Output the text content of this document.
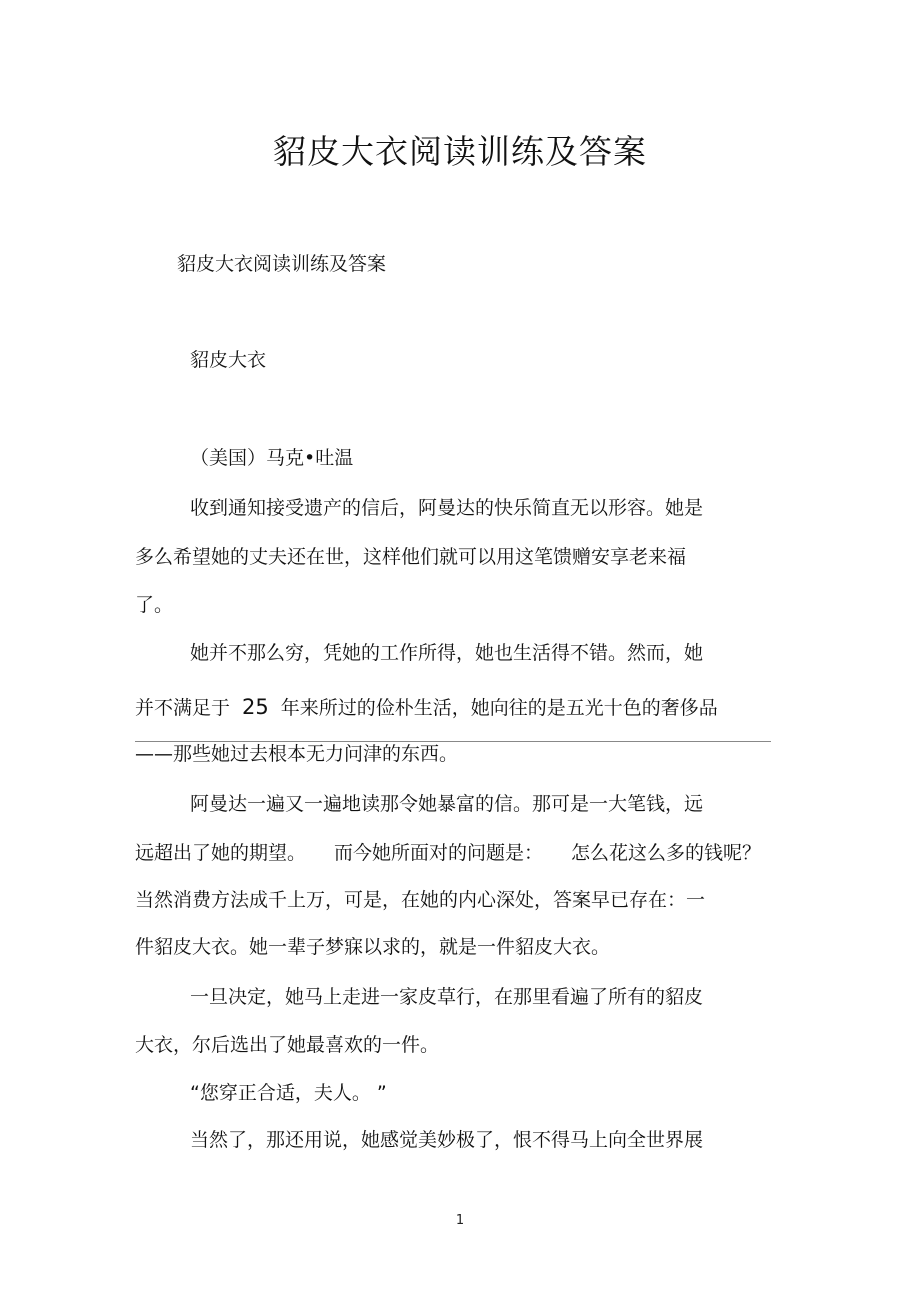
貂皮大衣阅读训练及答案
貂皮大衣阅读训练及答案
貂皮大衣
（美国）马克•吐温
收到通知接受遗产的信后，阿曼达的快乐简直无以形容。她是
多么希望她的丈夫还在世，这样他们就可以用这笔馈赠安享老来福
了。
她并不那么穷，凭她的工作所得，她也生活得不错。然而，她
并不满足于 25 年来所过的俭朴生活，她向往的是五光十色的奢侈品
——那些她过去根本无力问津的东西。
阿曼达一遍又一遍地读那令她暴富的信。那可是一大笔钱，远
远超出了她的期望。 而今她所面对的问题是： 怎么花这么多的钱呢？
当然消费方法成千上万，可是，在她的内心深处，答案早已存在：一
件貂皮大衣。她一辈子梦寐以求的，就是一件貂皮大衣。
一旦决定，她马上走进一家皮草行，在那里看遍了所有的貂皮
大衣，尔后选出了她最喜欢的一件。
“您穿正合适，夫人。 ”
当然了，那还用说，她感觉美妙极了，恨不得马上向全世界展
1
